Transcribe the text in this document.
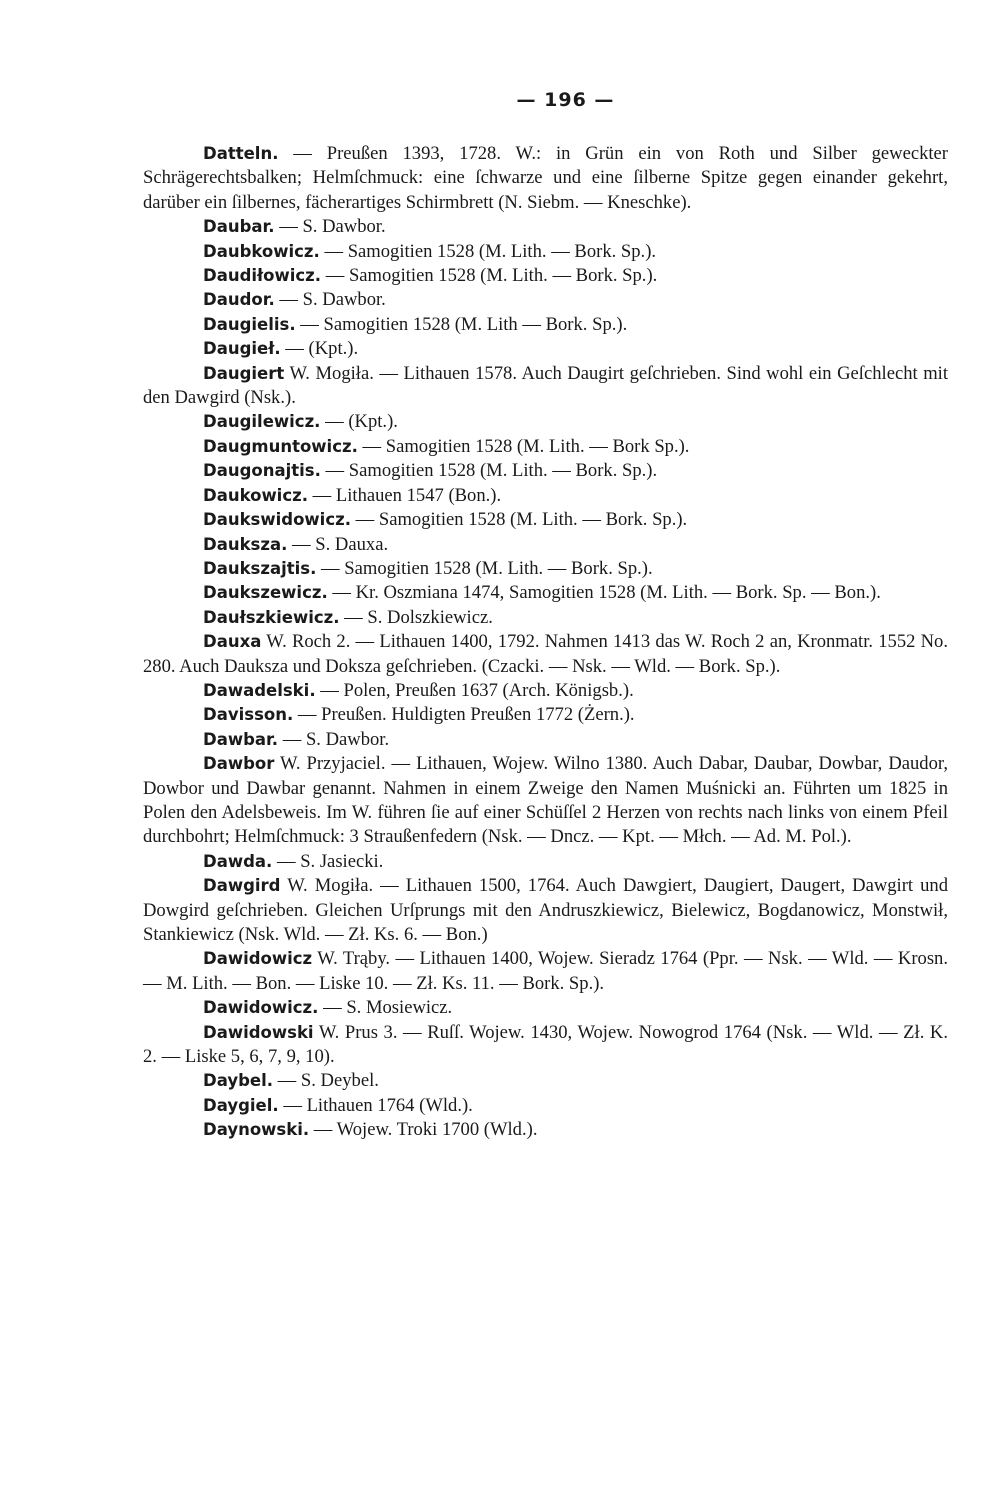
— 196 —

Datteln. — Preußen 1393, 1728. W.: in Grün ein von Roth und Silber geweckter Schrägerechtsbalken; Helmſchmuck: eine ſchwarze und eine ſilberne Spitze gegen einander gekehrt, darüber ein ſilbernes, fächerartiges Schirmbrett (N. Siebm. — Kneschke).

Daubar. — S. Dawbor.

Daubkowicz. — Samogitien 1528 (M. Lith. — Bork. Sp.).

Daudiłowicz. — Samogitien 1528 (M. Lith. — Bork. Sp.).

Daudor. — S. Dawbor.

Daugielis. — Samogitien 1528 (M. Lith — Bork. Sp.).

Daugieł. — (Kpt.).

Daugiert W. Mogiła. — Lithauen 1578. Auch Daugirt geſchrieben. Sind wohl ein Geſchlecht mit den Dawgird (Nsk.).

Daugilewicz. — (Kpt.).

Daugmuntowicz. — Samogitien 1528 (M. Lith. — Bork Sp.).

Daugonajtis. — Samogitien 1528 (M. Lith. — Bork. Sp.).

Daukowicz. — Lithauen 1547 (Bon.).

Daukswidowicz. — Samogitien 1528 (M. Lith. — Bork. Sp.).

Dauksza. — S. Dauxa.

Daukszajtis. — Samogitien 1528 (M. Lith. — Bork. Sp.).

Daukszewicz. — Kr. Oszmiana 1474, Samogitien 1528 (M. Lith. — Bork. Sp. — Bon.).

Daułszkiewicz. — S. Dolszkiewicz.

Dauxa W. Roch 2. — Lithauen 1400, 1792. Nahmen 1413 das W. Roch 2 an, Kronmatr. 1552 No. 280. Auch Dauksza und Doksza geſchrieben. (Czacki. — Nsk. — Wld. — Bork. Sp.).

Dawadelski. — Polen, Preußen 1637 (Arch. Königsb.).

Davisson. — Preußen. Huldigten Preußen 1772 (Żern.).

Dawbar. — S. Dawbor.

Dawbor W. Przyjaciel. — Lithauen, Wojew. Wilno 1380. Auch Dabar, Daubar, Dowbar, Daudor, Dowbor und Dawbar genannt. Nahmen in einem Zweige den Namen Muśnicki an. Führten um 1825 in Polen den Adelsbeweis. Im W. führen ſie auf einer Schüſſel 2 Herzen von rechts nach links von einem Pfeil durchbohrt; Helmſchmuck: 3 Straußenfedern (Nsk. — Dncz. — Kpt. — Młch. — Ad. M. Pol.).

Dawda. — S. Jasiecki.

Dawgird W. Mogiła. — Lithauen 1500, 1764. Auch Dawgiert, Daugiert, Daugert, Dawgirt und Dowgird geſchrieben. Gleichen Urſprungs mit den Andruszkiewicz, Bielewicz, Bogdanowicz, Monstwił, Stankiewicz (Nsk. Wld. — Zł. Ks. 6. — Bon.)

Dawidowicz W. Trąby. — Lithauen 1400, Wojew. Sieradz 1764 (Ppr. — Nsk. — Wld. — Krosn. — M. Lith. — Bon. — Liske 10. — Zł. Ks. 11. — Bork. Sp.).

Dawidowicz. — S. Mosiewicz.

Dawidowski W. Prus 3. — Ruſſ. Wojew. 1430, Wojew. Nowogrod 1764 (Nsk. — Wld. — Zł. K. 2. — Liske 5, 6, 7, 9, 10).

Daybel. — S. Deybel.

Daygiel. — Lithauen 1764 (Wld.).

Daynowski. — Wojew. Troki 1700 (Wld.).
